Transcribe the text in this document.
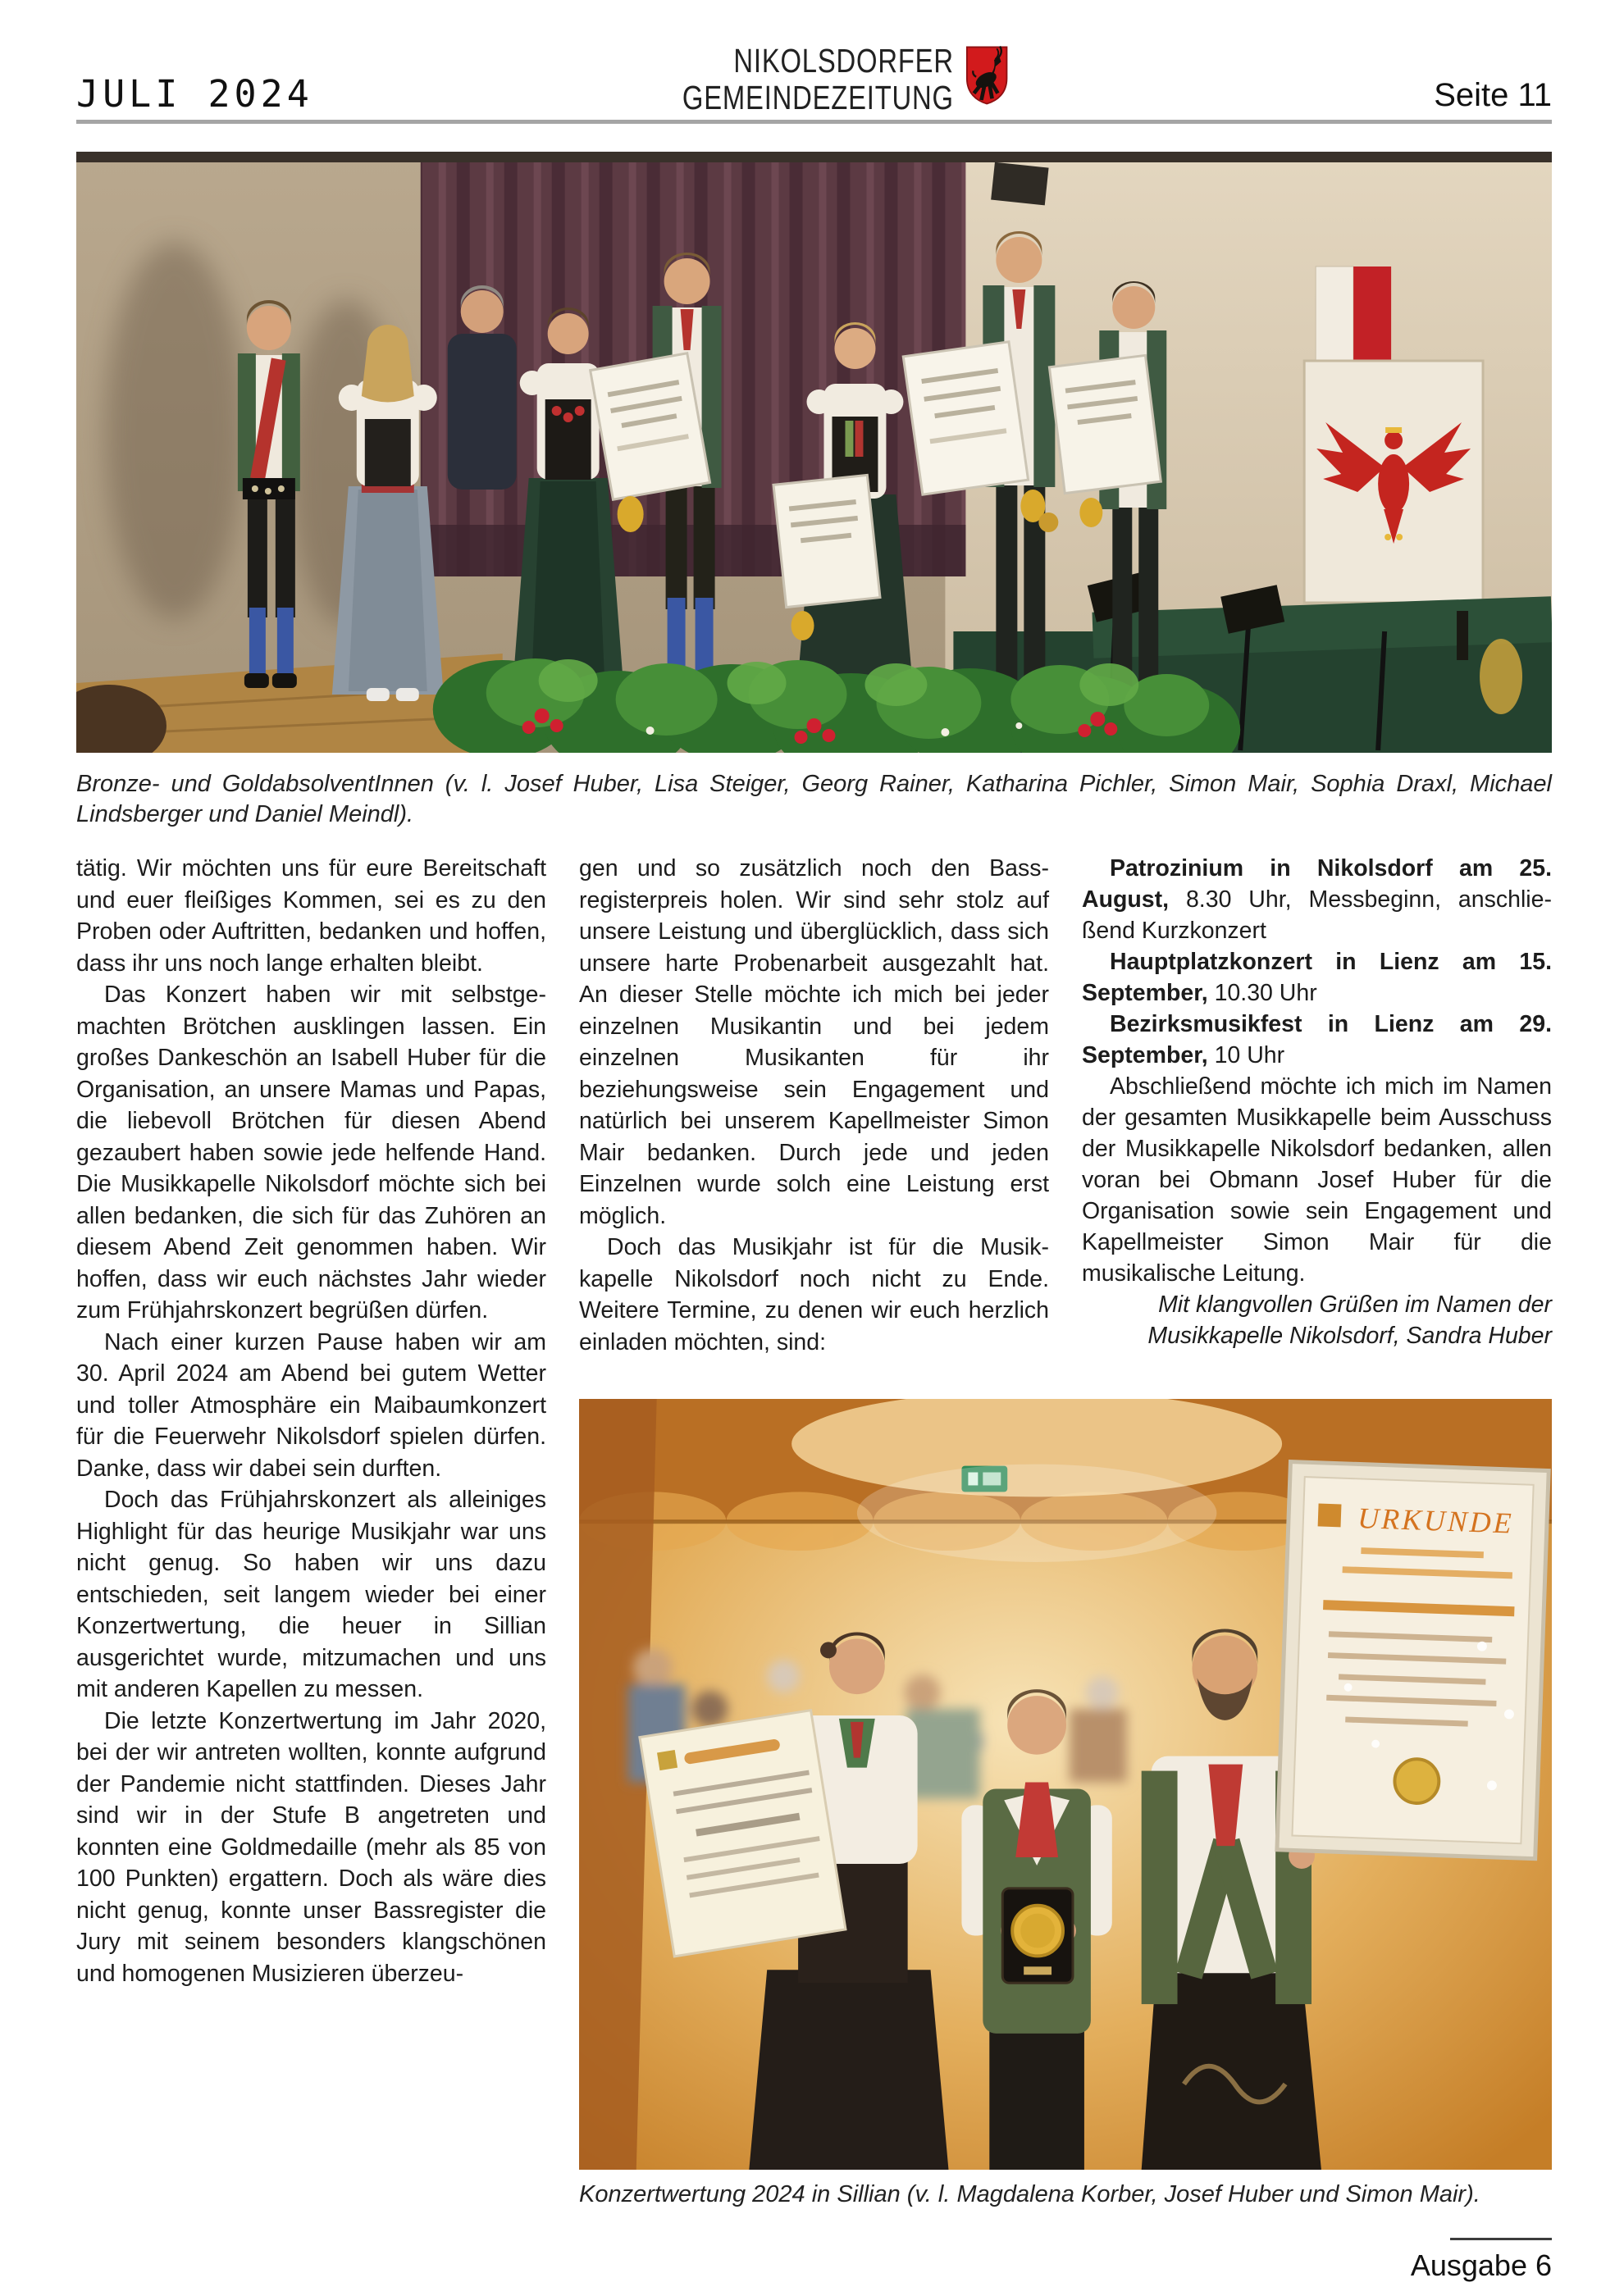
JULI 2024
NIKOLSDORFER
GEMEINDEZEITUNG	Seite 11
Bronze- und GoldabsolventInnen (v. l. Josef Huber, Lisa Steiger, Georg Rainer, Katharina Pichler, Simon Mair, Sophia Draxl, Michael Lindsberger und Daniel Meindl).

tätig. Wir möchten uns für eure Bereitschaft und euer fleißiges Kommen, sei es zu den Proben oder Auftritten, bedanken und hoffen, dass ihr uns noch lange erhalten bleibt.

Das Konzert haben wir mit selbstgemachten Brötchen ausklingen lassen. Ein großes Dankeschön an Isabell Huber für die Organisation, an unsere Mamas und Papas, die liebevoll Brötchen für diesen Abend gezaubert haben sowie jede helfende Hand. Die Musikkapelle Nikolsdorf möchte sich bei allen bedanken, die sich für das Zuhören an diesem Abend Zeit genommen haben. Wir hoffen, dass wir euch nächstes Jahr wieder zum Frühjahrskonzert begrüßen dürfen.

Nach einer kurzen Pause haben wir am 30. April 2024 am Abend bei gutem Wetter und toller Atmosphäre ein Maibaumkonzert für die Feuerwehr Nikolsdorf spielen dürfen. Danke, dass wir dabei sein durften.

Doch das Frühjahrskonzert als alleiniges Highlight für das heurige Musikjahr war uns nicht genug. So haben wir uns dazu entschieden, seit langem wieder bei einer Konzertwertung, die heuer in Sillian ausgerichtet wurde, mitzumachen und uns mit anderen Kapellen zu messen.

Die letzte Konzertwertung im Jahr 2020, bei der wir antreten wollten, konnte aufgrund der Pandemie nicht stattfinden. Dieses Jahr sind wir in der Stufe B angetreten und konnten eine Goldmedaille (mehr als 85 von 100 Punkten) ergattern. Doch als wäre dies nicht genug, konnte unser Bassregister die Jury mit seinem besonders klangschönen und homogenen Musizieren überzeu-

gen und so zusätzlich noch den Bassregisterpreis holen. Wir sind sehr stolz auf unsere Leistung und überglücklich, dass sich unsere harte Probenarbeit ausgezahlt hat. An dieser Stelle möchte ich mich bei jeder einzelnen Musikantin und bei jedem einzelnen Musikanten für ihr beziehungsweise sein Engagement und natürlich bei unserem Kapellmeister Simon Mair bedanken. Durch jede und jeden Einzelnen wurde solch eine Leistung erst möglich.

Doch das Musikjahr ist für die Musikkapelle Nikolsdorf noch nicht zu Ende. Weitere Termine, zu denen wir euch herzlich einladen möchten, sind:

Patrozinium in Nikolsdorf am 25. August, 8.30 Uhr, Messbeginn, anschließend Kurzkonzert

Hauptplatzkonzert in Lienz am 15. September, 10.30 Uhr

Bezirksmusikfest in Lienz am 29. September, 10 Uhr

Abschließend möchte ich mich im Namen der gesamten Musikkapelle beim Ausschuss der Musikkapelle Nikolsdorf bedanken, allen voran bei Obmann Josef Huber für die Organisation sowie sein Engagement und Kapellmeister Simon Mair für die musikalische Leitung.

Mit klangvollen Grüßen im Namen der Musikkapelle Nikolsdorf, Sandra Huber

URKUNDE
Konzertwertung 2024 in Sillian (v. l. Magdalena Korber, Josef Huber und Simon Mair).
Ausgabe 6
